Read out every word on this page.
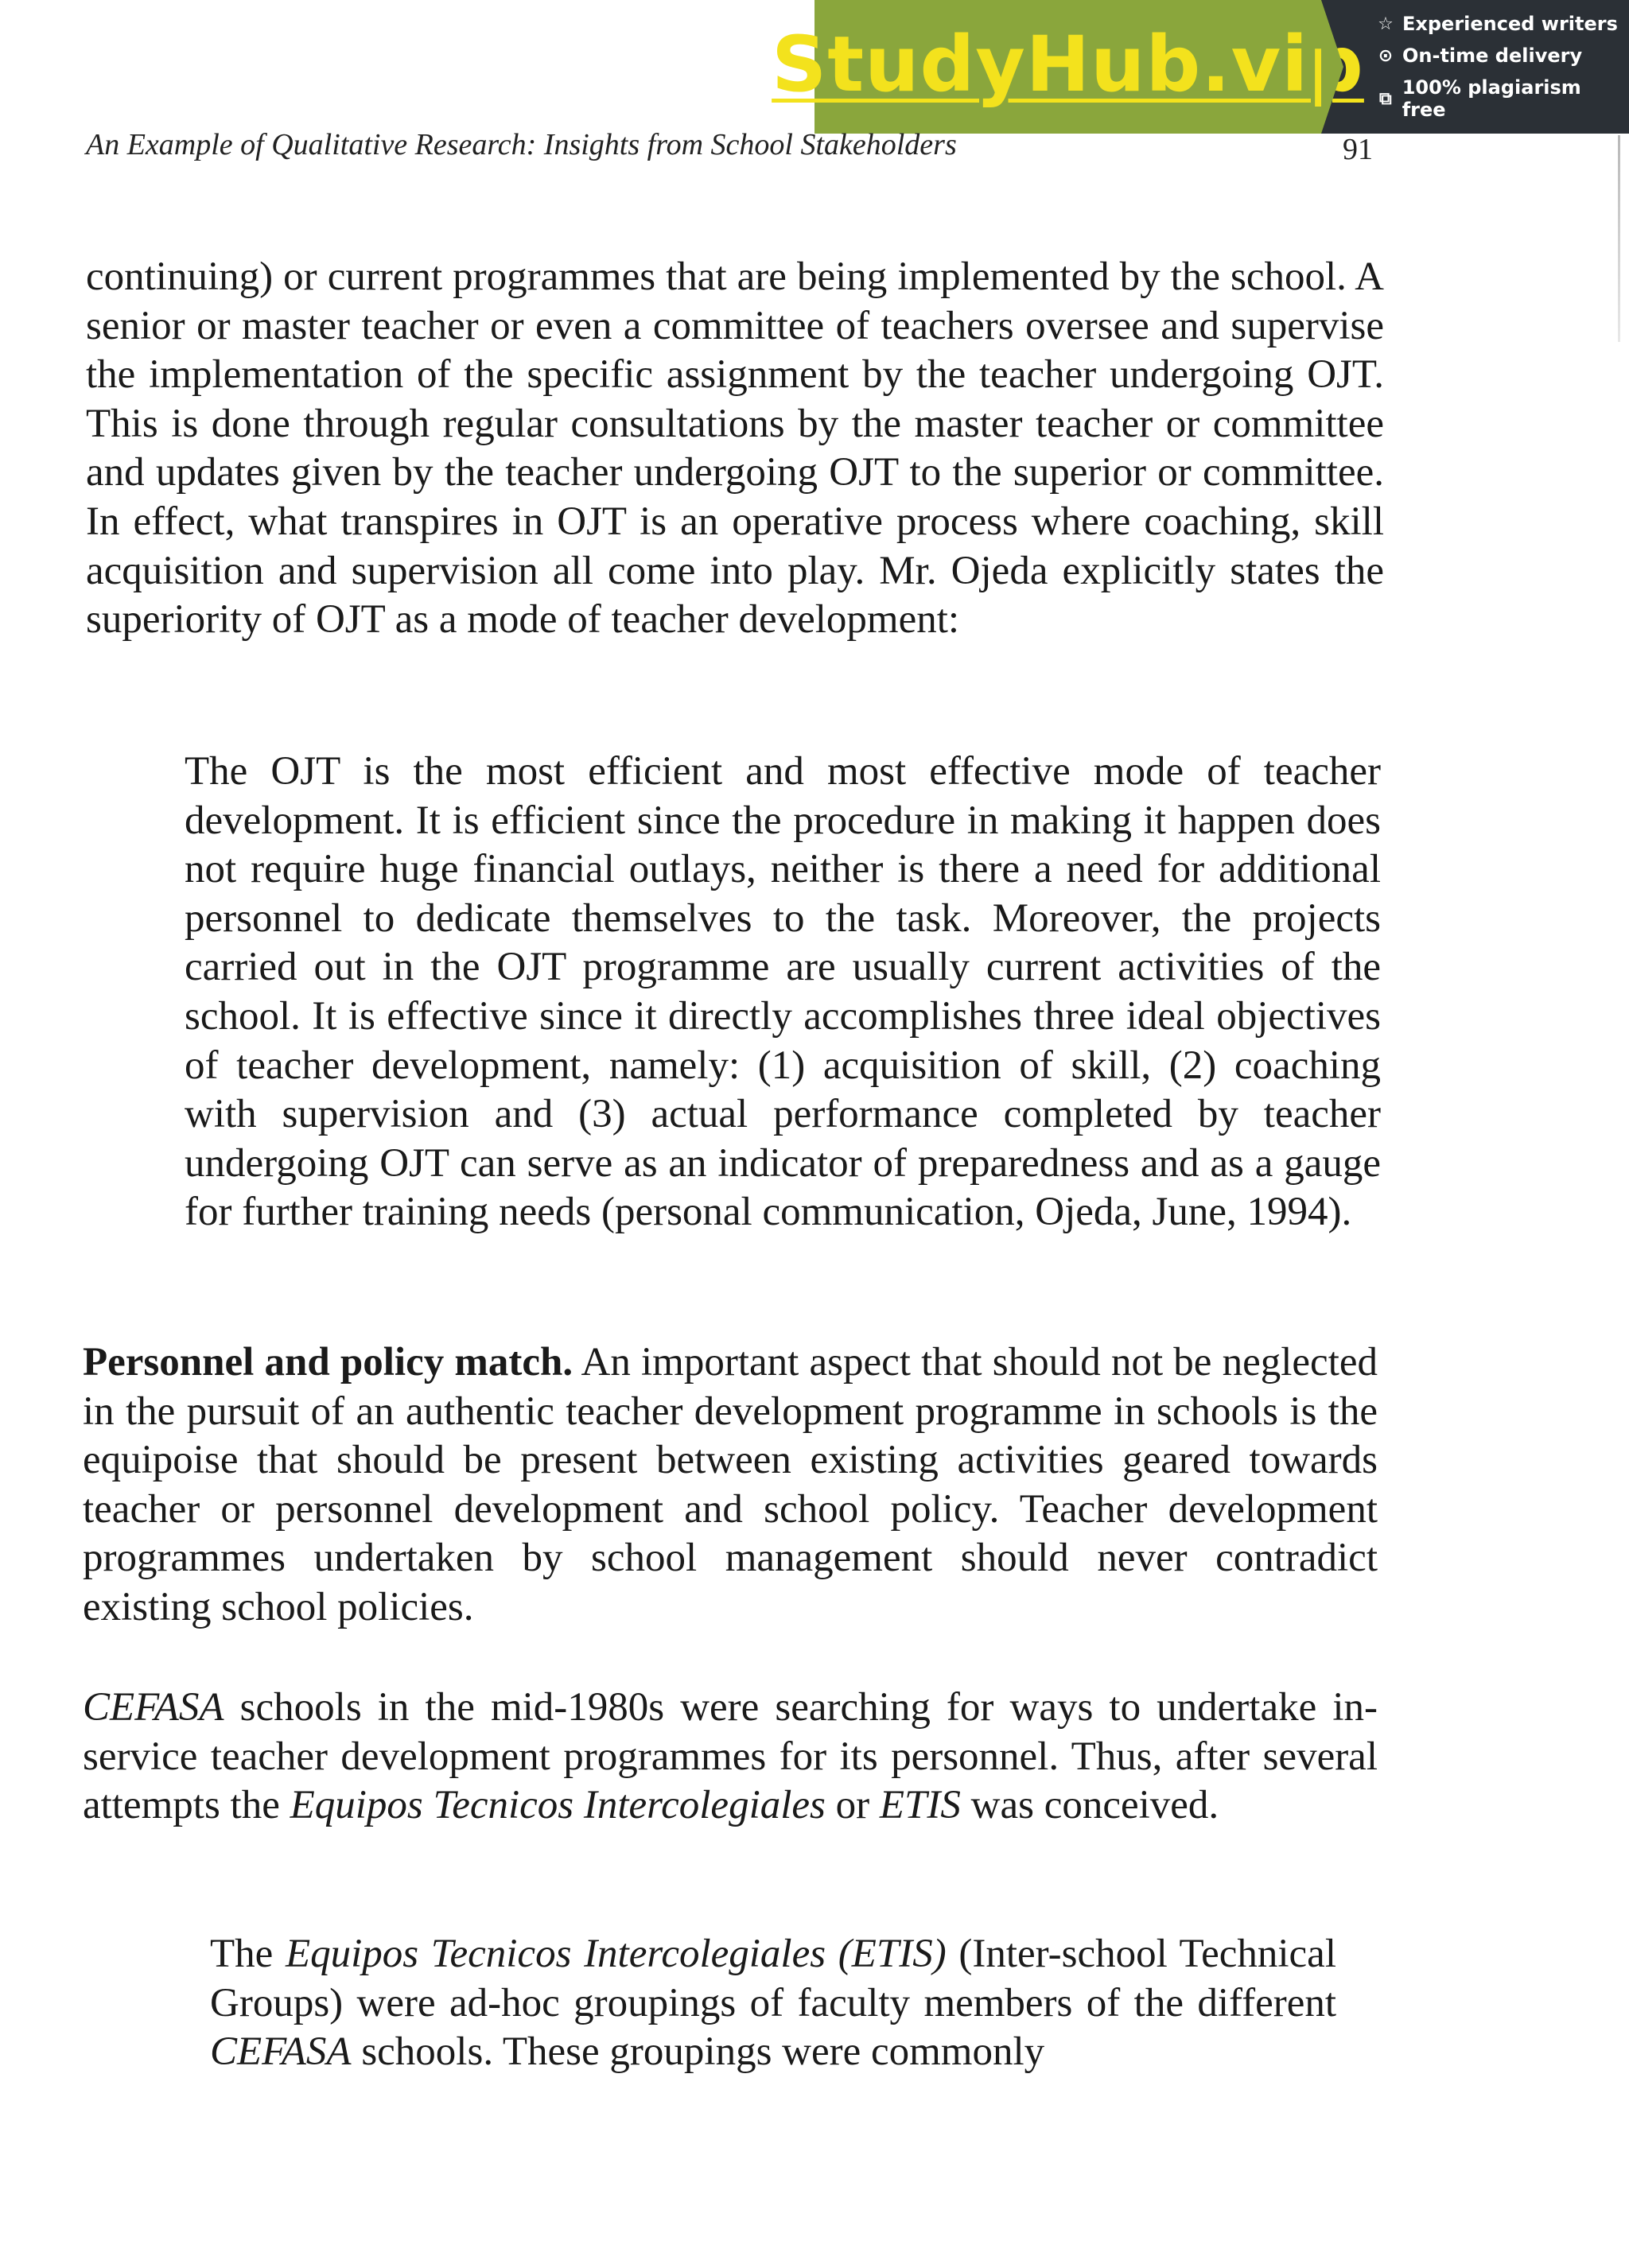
StudyHub.vip ☆ Experienced writers
⊙ On-time delivery
⧉ 100% plagiarism free
An Example of Qualitative Research: Insights from School Stakeholders	91
continuing) or current programmes that are being implemented by the school. A senior or master teacher or even a committee of teachers oversee and supervise the implementation of the specific assignment by the teacher undergoing OJT. This is done through regular consultations by the master teacher or committee and updates given by the teacher undergoing OJT to the superior or committee. In effect, what transpires in OJT is an operative process where coaching, skill acquisition and supervision all come into play. Mr. Ojeda explicitly states the superiority of OJT as a mode of teacher development:
The OJT is the most efficient and most effective mode of teacher development. It is efficient since the procedure in making it happen does not require huge financial outlays, neither is there a need for additional personnel to dedicate themselves to the task. Moreover, the projects carried out in the OJT programme are usually current activities of the school. It is effective since it directly accomplishes three ideal objectives of teacher development, namely: (1) acquisition of skill, (2) coaching with supervision and (3) actual performance completed by teacher undergoing OJT can serve as an indicator of preparedness and as a gauge for further training needs (personal communication, Ojeda, June, 1994).
Personnel and policy match. An important aspect that should not be neglected in the pursuit of an authentic teacher development programme in schools is the equipoise that should be present between existing activities geared towards teacher or personnel development and school policy. Teacher development programmes undertaken by school management should never contradict existing school policies.
CEFASA schools in the mid-1980s were searching for ways to undertake in-service teacher development programmes for its personnel. Thus, after several attempts the Equipos Tecnicos Intercolegiales or ETIS was conceived.
The Equipos Tecnicos Intercolegiales (ETIS) (Inter-school Technical Groups) were ad-hoc groupings of faculty members of the different CEFASA schools. These groupings were commonly
